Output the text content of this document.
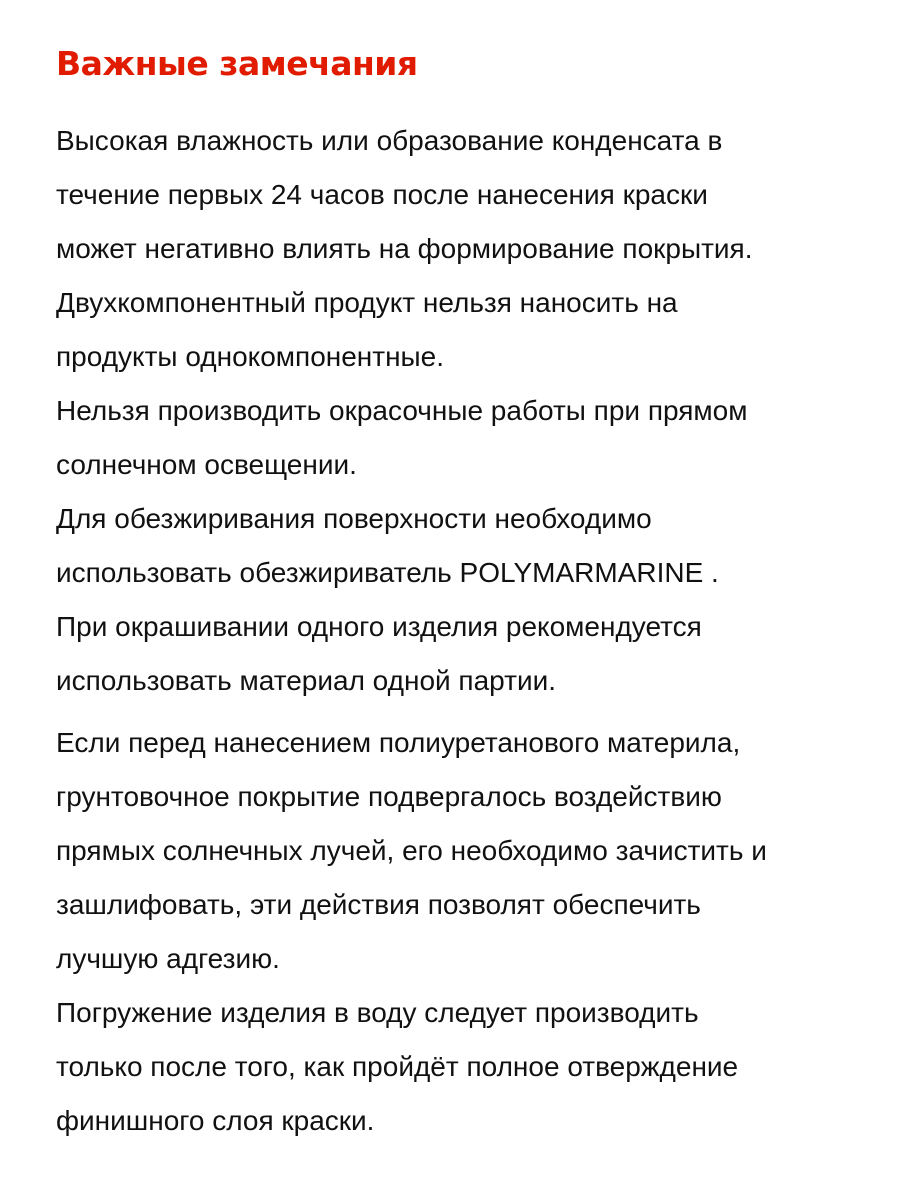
Важные замечания

Высокая влажность или образование конденсата в
течение первых 24 часов после нанесения краски
может негативно влиять на формирование покрытия.
Двухкомпонентный продукт нельзя наносить на
продукты однокомпонентные.
Нельзя производить окрасочные работы при прямом
солнечном освещении.
Для обезжиривания поверхности необходимо
использовать обезжириватель POLYMARMARINE .
При окрашивании одного изделия рекомендуется
использовать материал одной партии.

Если перед нанесением полиуретанового материла,
грунтовочное покрытие подвергалось воздействию
прямых солнечных лучей, его необходимо зачистить и
зашлифовать, эти действия позволят обеспечить
лучшую адгезию.
Погружение изделия в воду следует производить
только после того, как пройдёт полное отверждение
финишного слоя краски.
